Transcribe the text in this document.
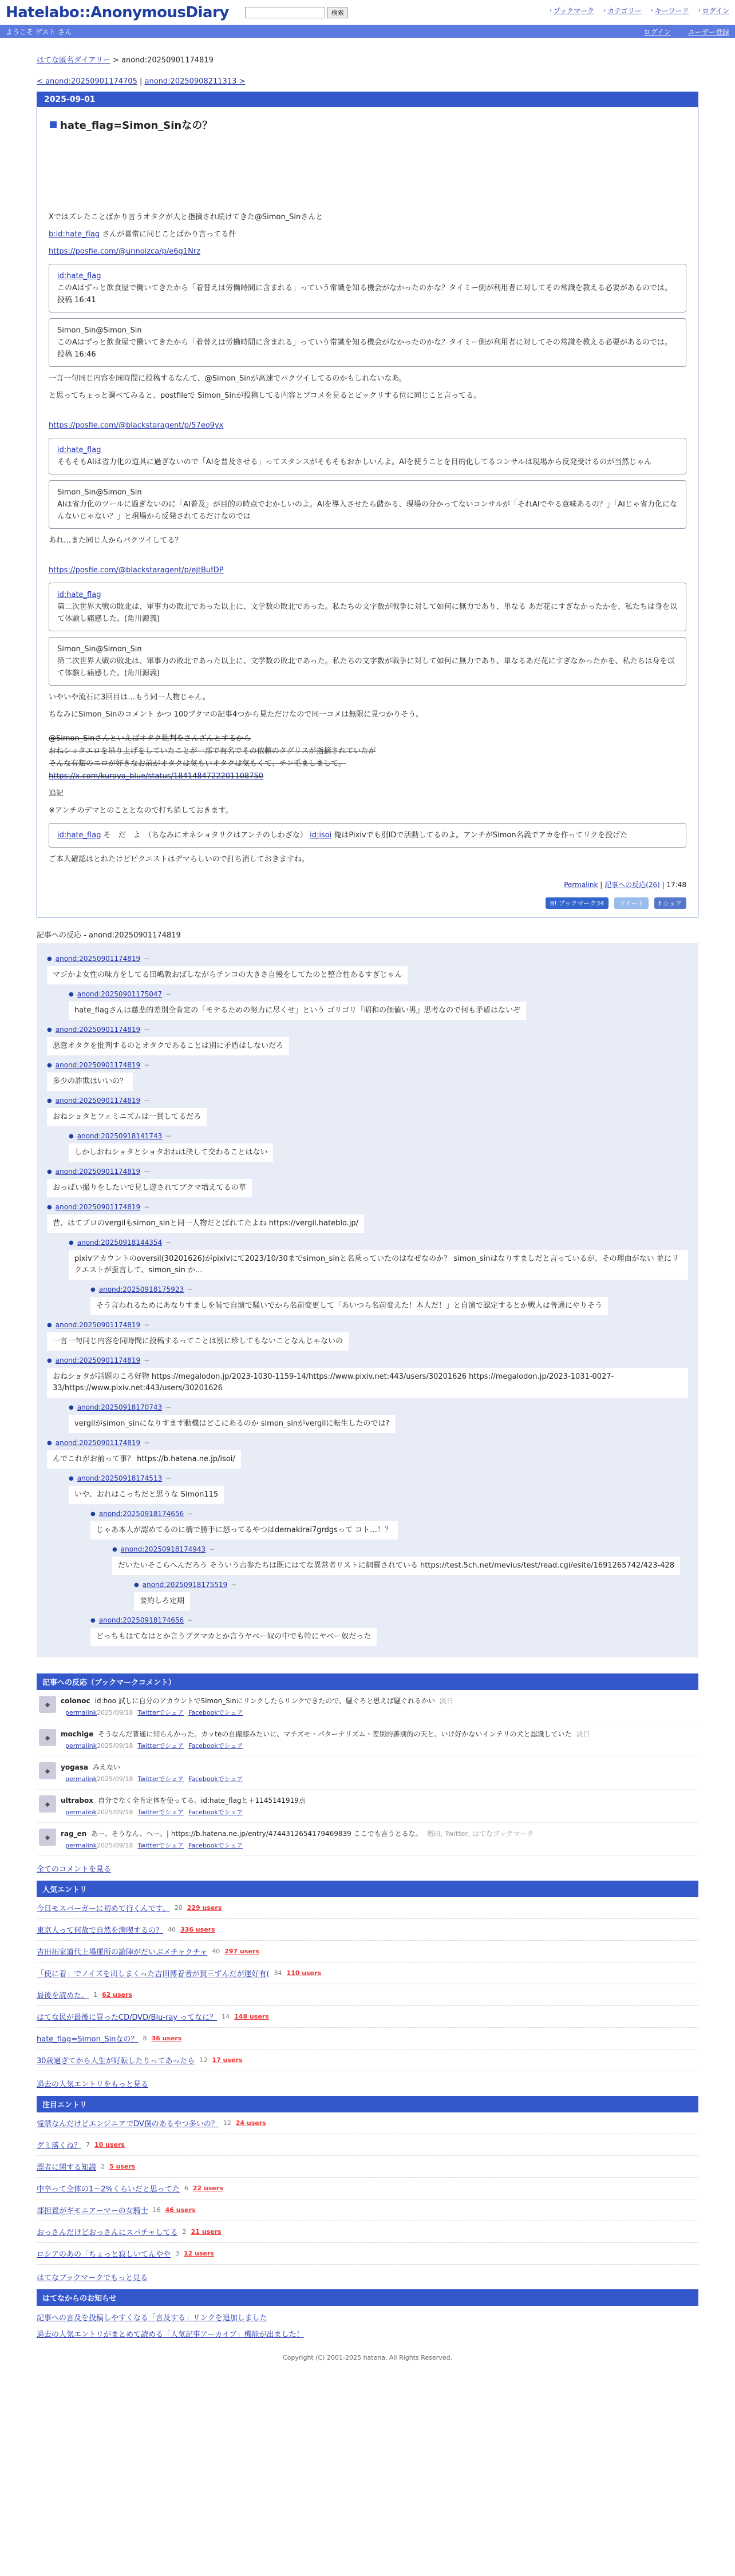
Hatelabo::AnonymousDiary	検索	› ブックマーク › カテゴリー › キーワード › ログイン
ようこそ ゲスト さん	ログイン	ユーザー登録
はてな匿名ダイアリー > anond:20250901174819
< anond:20250901174705 | anond:20250908211313 >
2025-09-01
hate_flag=Simon_Sinなの？
Xではズレたことばかり言うオタクが大と指摘され続けてきた@Simon_Sinさんと
b:id:hate_flag さんが喜常に同じことばかり言ってる件
https://posfie.com/@unnoizca/p/e6g1Nrz
id:hate_flag
このAはずっと飲食屋で働いてきたから「着替えは労働時間に含まれる」っていう常識を知る機会がなかったのかな？タイミー側が利用者に対してその常識を教える必要があるのでは。
投稿 16:41
Simon_Sin@Simon_Sin
このAはずっと飲食屋で働いてきたから「着替えは労働時間に含まれる」っていう常識を知る機会がなかったのかな？タイミー側が利用者に対してその常識を教える必要があるのでは。
投稿 16:46
一言一句同じ内容を同時間に投稿するなんて、@Simon_Sinが高速でパクツイしてるのかもしれないなあ。
と思ってちょっと調べてみると、postfileで Simon_Sinが投稿してる内容とブコメを見るとビックリする位に同じこと言ってる。
https://posfie.com/@blackstaragent/p/57eo9yx
id:hate_flag
そもそもAIは省力化の道具に過ぎないので「AIを普及させる」ってスタンスがそもそもおかしいんよ。AIを使うことを目的化してるコンサルは現場から反発受けるのが当然じゃん
Simon_Sin@Simon_Sin
AIは省力化のツールに過ぎないのに「AI普及」が目的の時点でおかしいのよ。AIを導入させたら儲かる、現場の分かってないコンサルが「それAIでやる意味あるの？」「AIじゃ省力化になんないじゃない？」と現場から反発されてるだけなのでは
あれ…また同じ人からパクツイしてる？
https://posfie.com/@blackstaragent/p/ejtBufDP
id:hate_flag
第二次世界大戦の敗北は、軍事力の敗北であった以上に、文学数の敗北であった。私たちの文字数が戦争に対して如何に無力であり、単なる あだ花にすぎなかったかを、私たちは身を以て体験し痛感した。(角川源義)
Simon_Sin@Simon_Sin
第二次世界大戦の敗北は、軍事力の敗北であった以上に、文学数の敗北であった。私たちの文字数が戦争に対して如何に無力であり、単なるあだ花にすぎなかったかを、私たちは身を以て体験し痛感した。(角川源義)
いやいや流石に3回目は…もう同一人物じゃん。
ちなみにSimon_Sinのコメント かつ 100ブクマの記事4つから見ただけなので同一コメは無限に見つかりそう。
@Simon_Sinさんといえばオタク批判をさんざんとするから
おねショタエロを吊り上げをしていたことが一部で有名でその依頼のタグリスが指摘されていたが
そんな有類のエロが好きなお前がオタクは気もいオタクは気もくて、チン毛ましまして。
https://x.com/kuroyo_blue/status/1841484722201108750
追記
※アンチのデマとのこととなので打ち消しておきます。
id:hate_flag そ　だ　よ　（ちなみにオネショタリクはアンチのしわざな） id:isoi 俺はPixivでも別IDで活動してるのよ。アンチがSimon名義でアカを作ってリクを投げた
ご本人確認はとれたけどピクエストはデマらしいので打ち消しておきますね。
Permalink | 記事への反応(26) | 17:48
B! ブックマーク34	ツイート	f シェア
記事への反応 - anond:20250901174819
● anond:20250901174819 −
マジかよ女性の味方をしてる田嶋敦おばしながらチンコの大きさ自慢をしてたのと整合性あるすぎじゃん
● anond:20250901175047 −
hate_flagさんは慈悲的差別全肯定の「モテるための努力に尽くせ」という ゴリゴリ『昭和の価値い男』思考なので何も矛盾はないぞ
● anond:20250901174819 −
悪意オタクを批判するのとオタクであることは別に矛盾はしないだろ
● anond:20250901174819 −
多少の詐欺はいいの？
● anond:20250901174819 −
おねショタとフェミニズムは一貫してるだろ
● anond:20250918141743 −
しかしおねショタとショタおねは決して交わることはない
● anond:20250901174819 −
おっぱい撮りをしたいで見し遊されてブクマ増えてるの草
● anond:20250901174819 −
昔、はてブロのvergilもsimon_sinと同一人物だとばれてたよね https://vergil.hateblo.jp/
● anond:20250918144354 −
pixivアカウントのoversil(30201626)がpixivにて2023/10/30までsimon_sinと名乗っていたのはなぜなのか？ simon_sinはなりすましだと言っているが、その理由がない 並にリクエストが蛮言して、simon_sin か...
● anond:20250918175923 −
そう言われるためにあなりすましを装で自演で騒いでから名前変更して「あいつら名前変えた！本人だ！」と自演で認定するとか戦人は普通にやりそう
● anond:20250901174819 −
一言一句同じ内容を同時間に投稿するってことは別に珍してもないことなんじゃないの
● anond:20250901174819 −
おねショタが話題のころ好物 https://megalodon.jp/2023-1030-1159-14/https://www.pixiv.net:443/users/30201626 https://megalodon.jp/2023-1031-0027-33/https://www.pixiv.net:443/users/30201626
● anond:20250918170743 −
vergilがsimon_sinになりすます動機はどこにあるのか simon_sinがvergilに転生したのでは?
● anond:20250901174819 −
んでこれがお前って事？ https://b.hatena.ne.jp/isoi/
● anond:20250918174513 −
いや、おれはこっちだと思うな Simon115
● anond:20250918174656 −
じゃあ本人が認めてるのに構で勝手に怒ってるやつはdemakirai7grdgsって コト…！？
● anond:20250918174943 −
だいたいそこらへんだろう そういう古参たちは既にはてな異常者リストに網羅されている https://test.5ch.net/mevius/test/read.cgi/esite/1691265742/423-428
● anond:20250918175519 −
要約しろ定期
● anond:20250918174656 −
どっちもはてなはとか言うブクマカとか言うヤベー奴の中でも特にヤベー奴だった
記事への反応（ブックマークコメント）
◆	colonoc id:hoo 試しに自分のアカウントでSimon_Sinにリンクしたらリンクできたので、騒ぐろと思えば騒ぐれるかい 淡日
permalink2025/09/18 Twitterでシェア Facebookでシェア
◆	mochige そうなんだ普通に知らんかった。カッteの自撮膝みたいに、マチズモ・パターナリズム・差別的善別的の天と。いけ好かないインテリの犬と認識していた 淡日
permalink2025/09/18 Twitterでシェア Facebookでシェア
◆	yogasa みえない
permalink2025/09/18 Twitterでシェア Facebookでシェア
◆	ultrabox 自分でなく全肯定体を使ってる。id:hate_flagと＋1145141919点
permalink2025/09/18 Twitterでシェア Facebookでシェア
◆	rag_en あー、そうなん、へー。| https://b.hatena.ne.jp/entry/4744312654179469839 ここでも言うとるな。 増田, Twitter, はてなブックマーク
permalink2025/09/18 Twitterでシェア Facebookでシェア
全てのコメントを見る
人気エントリ
今日モスバーガーに初めて行くんです。 20 229 users
東京人って何故で自然を満喫するの？ 46 336 users
吉田拓家道代上場運所の論陣がだいぶメチャクチャ 40 297 users
「使に着」でノイズを出しまくった吉田博着者が賀三ずんだが運好有( 34 110 users
最後を読めた。 1 62 users
はてな民が最後に買ったCD/DVD/Blu-ray ってなに？ 14 148 users
hate_flag=Simon_Sinなの？ 8 36 users
30歳過ぎてから人生が好転したりってあったら 12 17 users
過去の人気エントリをもっと見る
注目エントリ
憧禁なんだけどエンジニアでDV僕のあるやつ多いの？ 12 24 users
グミ落くね？ 7 10 users
漂者に関する知識 2 5 users
中卒って全体の1〜2%くらいだと思ってた 6 22 users
部担置がギモニアーマーの女騎士 16 46 users
おっさんだけどおっさんにスパチャしてる 2 21 users
ロシアのあの「ちょっと寂しいてんやや 3 12 users
はてなブックマークでもっと見る
はてなからのお知らせ
記事への言及を投稿しやすくなる「言及する」リンクを追加しました
過去の人気エントリがまとめて読める「人気記事アーカイブ」機能が出ました！
Copyright (C) 2001-2025 hatena. All Rights Reserved.
